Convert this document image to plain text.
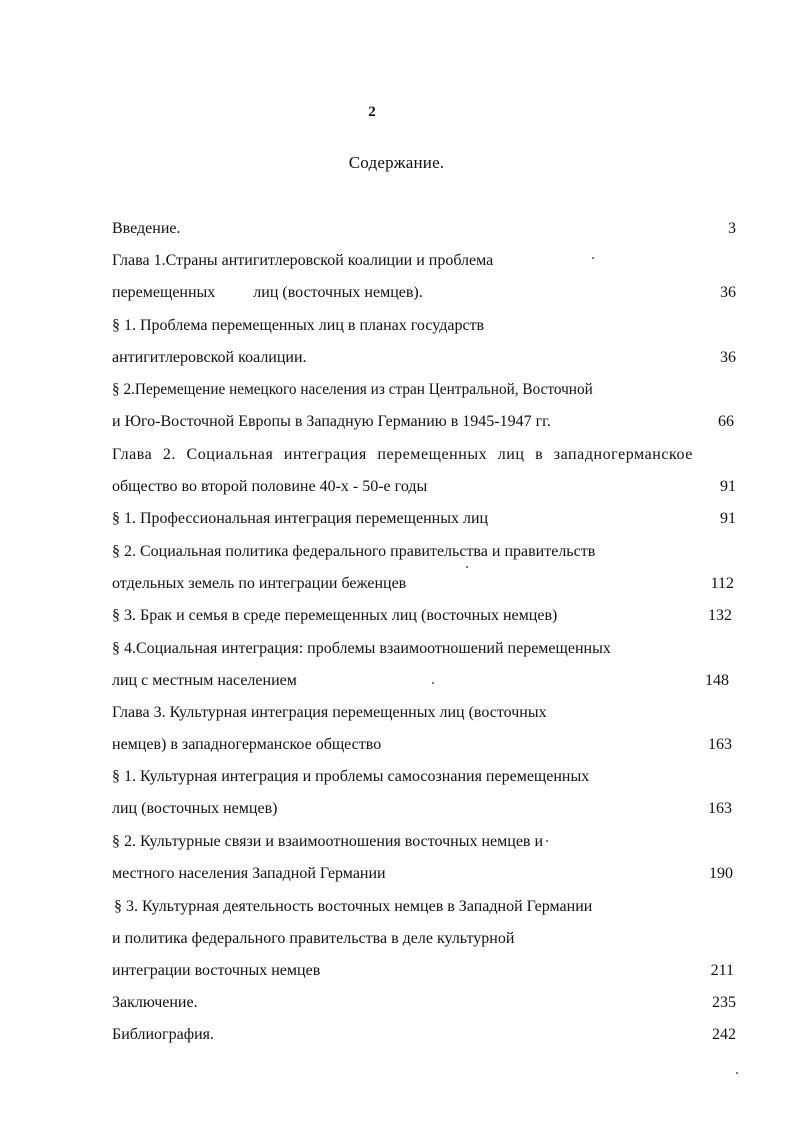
2
Содержание.
Введение.	3
Глава 1.Страны антигитлеровской коалиции и проблема
перемещенных лиц (восточных немцев).	36
§ 1. Проблема перемещенных лиц в планах государств
антигитлеровской коалиции.	36
§ 2.Перемещение немецкого населения из стран Центральной, Восточной
и Юго-Восточной Европы в Западную Германию в 1945-1947 гг.	66
Глава 2. Социальная интеграция перемещенных лиц в западногерманское
общество во второй половине 40-х - 50-е годы	91
§ 1. Профессиональная интеграция перемещенных лиц	91
§ 2. Социальная политика федерального правительства и правительств
отдельных земель по интеграции беженцев	112
§ 3. Брак и семья в среде перемещенных лиц (восточных немцев)	132
§ 4.Социальная интеграция: проблемы взаимоотношений перемещенных
лиц с местным населением	148
Глава 3. Культурная интеграция перемещенных лиц (восточных
немцев) в западногерманское общество	163
§ 1. Культурная интеграция и проблемы самосознания перемещенных
лиц (восточных немцев)	163
§ 2. Культурные связи и взаимоотношения восточных немцев и
местного населения Западной Германии	190
§ 3. Культурная деятельность восточных немцев в Западной Германии
и политика федерального правительства в деле культурной
интеграции восточных немцев	211
Заключение.	235
Библиография.	242
